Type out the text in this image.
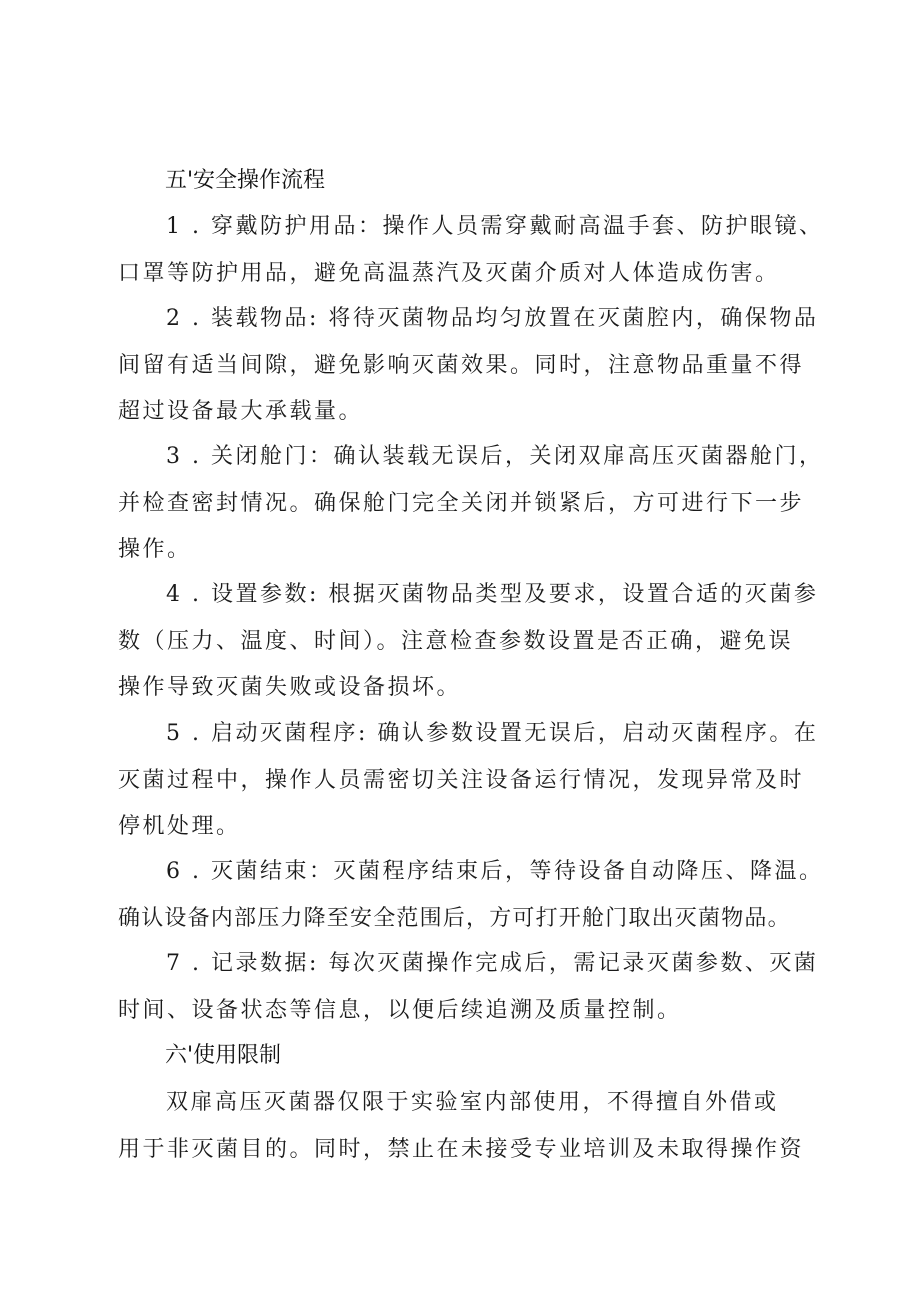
五'安全操作流程
1 . 穿戴防护用品：操作人员需穿戴耐高温手套、防护眼镜、
口罩等防护用品，避免高温蒸汽及灭菌介质对人体造成伤害。
2 . 装载物品: 将待灭菌物品均匀放置在灭菌腔内，确保物品
间留有适当间隙，避免影响灭菌效果。同时，注意物品重量不得
超过设备最大承载量。
3 . 关闭舱门：确认装载无误后，关闭双扉高压灭菌器舱门，
并检查密封情况。确保舱门完全关闭并锁紧后，方可进行下一步
操作。
4 . 设置参数: 根据灭菌物品类型及要求，设置合适的灭菌参
数（压力、温度、时间）。注意检查参数设置是否正确，避免误
操作导致灭菌失败或设备损坏。
5 . 启动灭菌程序: 确认参数设置无误后，启动灭菌程序。在
灭菌过程中，操作人员需密切关注设备运行情况，发现异常及时
停机处理。
6 . 灭菌结束：灭菌程序结束后，等待设备自动降压、降温。
确认设备内部压力降至安全范围后，方可打开舱门取出灭菌物品。
7 . 记录数据: 每次灭菌操作完成后，需记录灭菌参数、灭菌
时间、设备状态等信息，以便后续追溯及质量控制。
六'使用限制
双扉高压灭菌器仅限于实验室内部使用，不得擅自外借或
用于非灭菌目的。同时，禁止在未接受专业培训及未取得操作资
